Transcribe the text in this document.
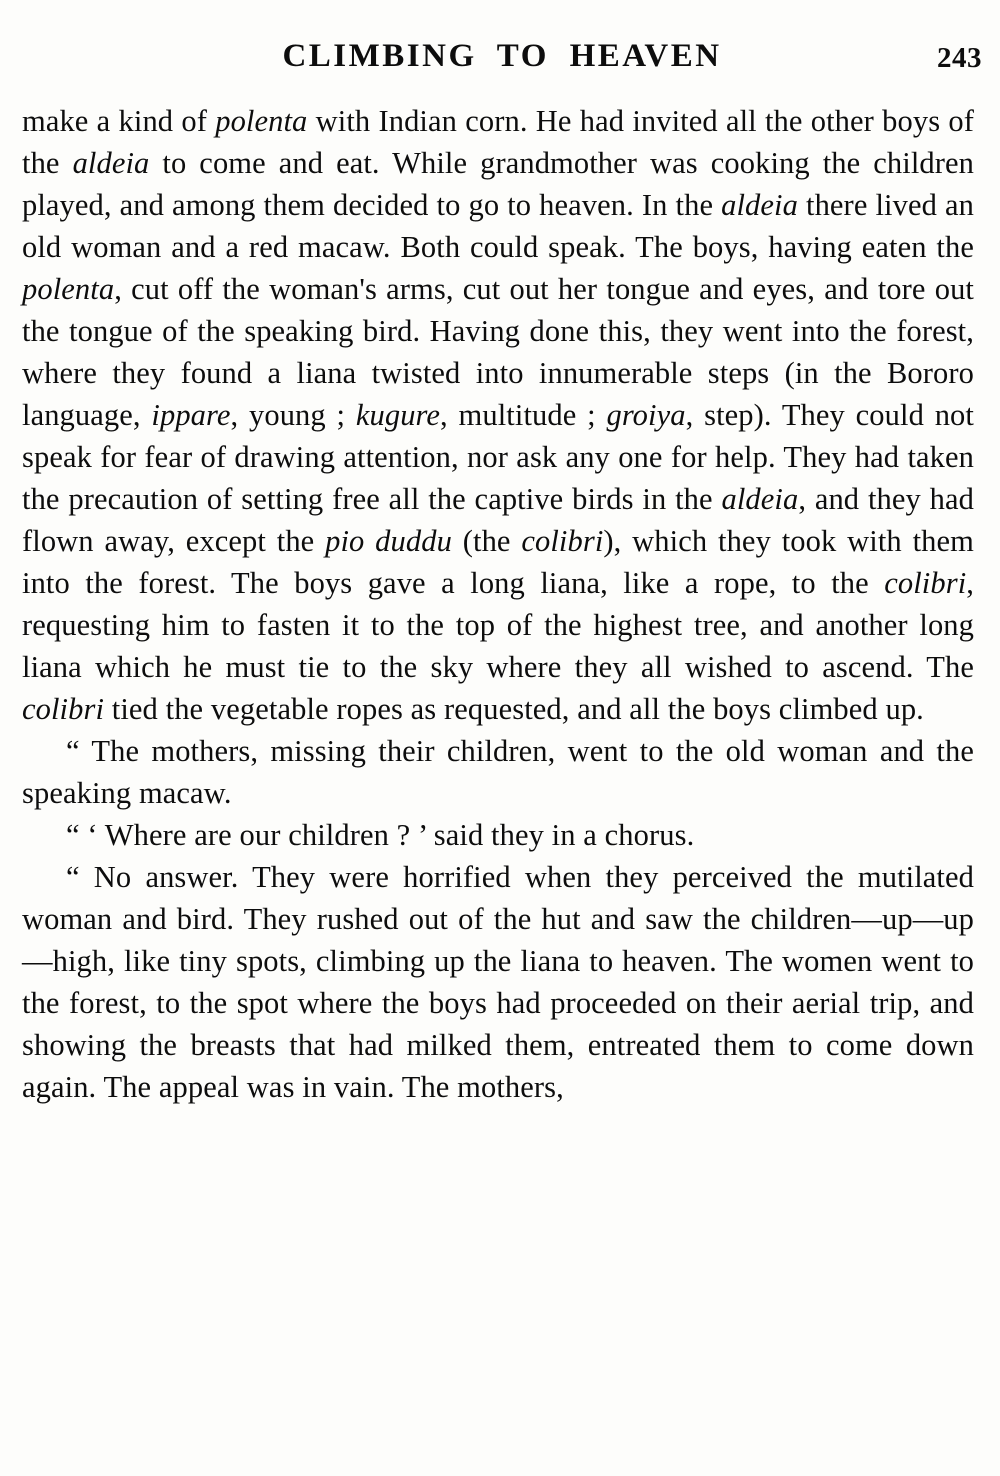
CLIMBING TO HEAVEN	243

make a kind of polenta with Indian corn. He had invited all the other boys of the aldeia to come and eat. While grandmother was cooking the children played, and among them decided to go to heaven. In the aldeia there lived an old woman and a red macaw. Both could speak. The boys, having eaten the polenta, cut off the woman's arms, cut out her tongue and eyes, and tore out the tongue of the speaking bird. Having done this, they went into the forest, where they found a liana twisted into innumerable steps (in the Bororo language, ippare, young ; kugure, multitude ; groiya, step). They could not speak for fear of drawing attention, nor ask any one for help. They had taken the precaution of setting free all the captive birds in the aldeia, and they had flown away, except the pio duddu (the colibri), which they took with them into the forest. The boys gave a long liana, like a rope, to the colibri, requesting him to fasten it to the top of the highest tree, and another long liana which he must tie to the sky where they all wished to ascend. The colibri tied the vegetable ropes as requested, and all the boys climbed up.

“ The mothers, missing their children, went to the old woman and the speaking macaw.

“ ‘ Where are our children ? ’ said they in a chorus.

“ No answer. They were horrified when they perceived the mutilated woman and bird. They rushed out of the hut and saw the children—up—up—high, like tiny spots, climbing up the liana to heaven. The women went to the forest, to the spot where the boys had proceeded on their aerial trip, and showing the breasts that had milked them, entreated them to come down again. The appeal was in vain. The mothers,
